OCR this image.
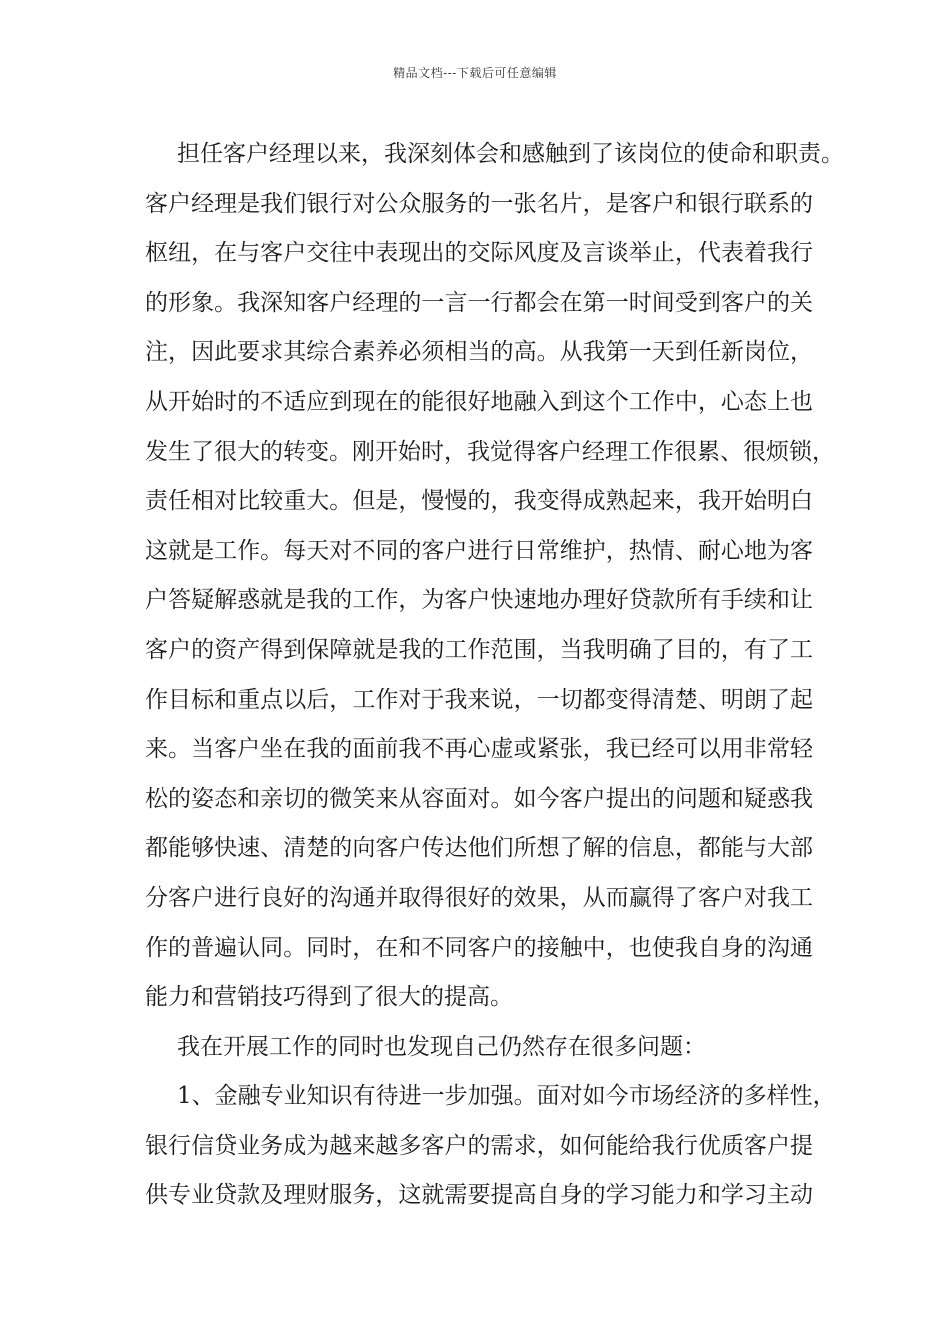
精品文档---下载后可任意编辑
担任客户经理以来，我深刻体会和感触到了该岗位的使命和职责。
客户经理是我们银行对公众服务的一张名片，是客户和银行联系的
枢纽，在与客户交往中表现出的交际风度及言谈举止，代表着我行
的形象。我深知客户经理的一言一行都会在第一时间受到客户的关
注，因此要求其综合素养必须相当的高。从我第一天到任新岗位，
从开始时的不适应到现在的能很好地融入到这个工作中，心态上也
发生了很大的转变。刚开始时，我觉得客户经理工作很累、很烦锁，
责任相对比较重大。但是，慢慢的，我变得成熟起来，我开始明白
这就是工作。每天对不同的客户进行日常维护，热情、耐心地为客
户答疑解惑就是我的工作，为客户快速地办理好贷款所有手续和让
客户的资产得到保障就是我的工作范围，当我明确了目的，有了工
作目标和重点以后，工作对于我来说，一切都变得清楚、明朗了起
来。当客户坐在我的面前我不再心虚或紧张，我已经可以用非常轻
松的姿态和亲切的微笑来从容面对。如今客户提出的问题和疑惑我
都能够快速、清楚的向客户传达他们所想了解的信息，都能与大部
分客户进行良好的沟通并取得很好的效果，从而赢得了客户对我工
作的普遍认同。同时，在和不同客户的接触中，也使我自身的沟通
能力和营销技巧得到了很大的提高。
我在开展工作的同时也发现自己仍然存在很多问题：
1、金融专业知识有待进一步加强。面对如今市场经济的多样性，
银行信贷业务成为越来越多客户的需求，如何能给我行优质客户提
供专业贷款及理财服务，这就需要提高自身的学习能力和学习主动
